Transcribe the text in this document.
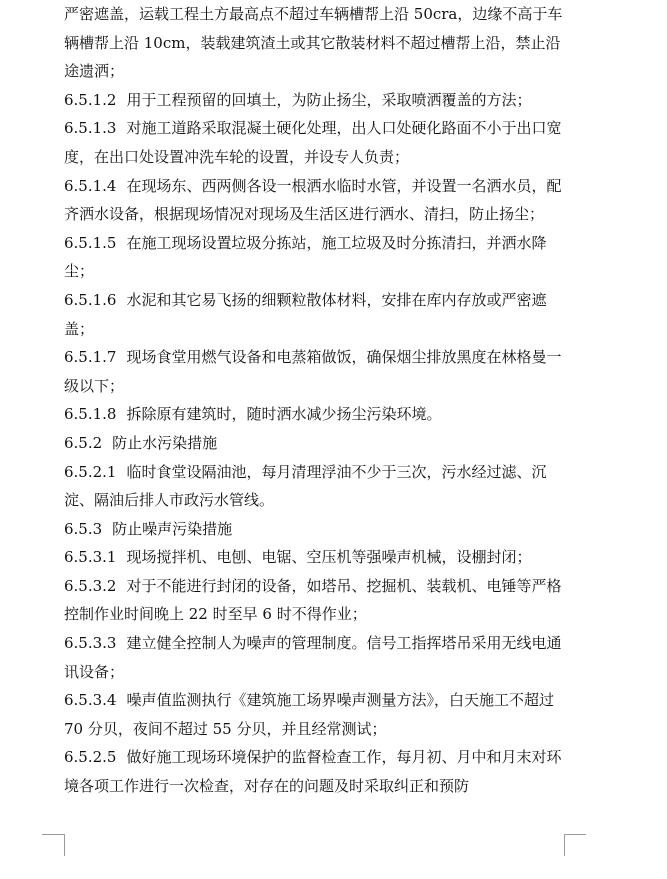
严密遮盖，运载工程土方最高点不超过车辆槽帮上沿 50cra，边缘不高于车辆槽帮上沿 10cm，装载建筑渣土或其它散装材料不超过槽帮上沿，禁止沿途遗洒；

6.5.1.2 用于工程预留的回填土，为防止扬尘，采取喷洒覆盖的方法；

6.5.1.3 对施工道路采取混凝土硬化处理，出人口处硬化路面不小于出口宽度，在出口处设置冲洗车轮的设置，并设专人负责；

6.5.1.4 在现场东、西两侧各设一根洒水临时水管，并设置一名洒水员，配齐洒水设备，根据现场情况对现场及生活区进行洒水、清扫，防止扬尘；

6.5.1.5 在施工现场设置垃圾分拣站，施工垃圾及时分拣清扫，并洒水降尘；

6.5.1.6 水泥和其它易飞扬的细颗粒散体材料，安排在库内存放或严密遮盖；

6.5.1.7 现场食堂用燃气设备和电蒸箱做饭，确保烟尘排放黑度在林格曼一级以下；

6.5.1.8 拆除原有建筑时，随时洒水减少扬尘污染环境。

6.5.2 防止水污染措施

6.5.2.1 临时食堂设隔油池，每月清理浮油不少于三次，污水经过滤、沉淀、隔油后排人市政污水管线。

6.5.3 防止噪声污染措施

6.5.3.1 现场搅拌机、电刨、电锯、空压机等强噪声机械，设棚封闭；

6.5.3.2 对于不能进行封闭的设备，如塔吊、挖掘机、装载机、电锤等严格控制作业时间晚上 22 时至早 6 时不得作业；

6.5.3.3 建立健全控制人为噪声的管理制度。信号工指挥塔吊采用无线电通讯设备；

6.5.3.4 噪声值监测执行《建筑施工场界噪声测量方法》，白天施工不超过 70 分贝，夜间不超过 55 分贝，并且经常测试；

6.5.2.5 做好施工现场环境保护的监督检查工作，每月初、月中和月末对环境各项工作进行一次检查，对存在的问题及时采取纠正和预防
